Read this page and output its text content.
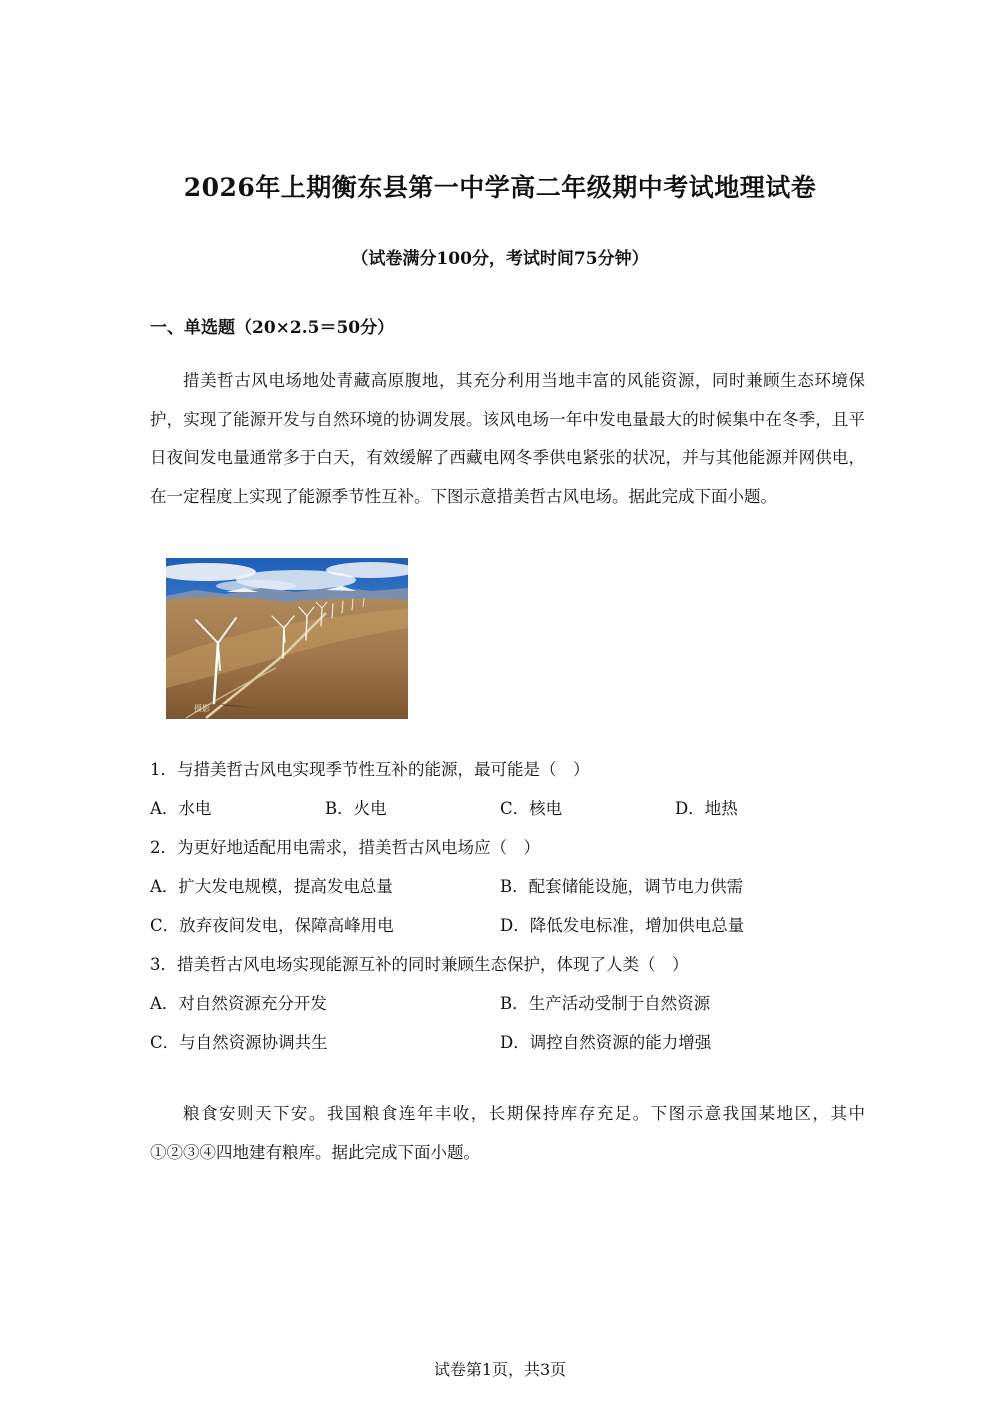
2026年上期衡东县第一中学高二年级期中考试地理试卷
（试卷满分100分，考试时间75分钟）
一、单选题（20×2.5＝50分）
措美哲古风电场地处青藏高原腹地，其充分利用当地丰富的风能资源，同时兼顾生态环境保护，实现了能源开发与自然环境的协调发展。该风电场一年中发电量最大的时候集中在冬季，且平日夜间发电量通常多于白天，有效缓解了西藏电网冬季供电紧张的状况，并与其他能源并网供电，在一定程度上实现了能源季节性互补。下图示意措美哲古风电场。据此完成下面小题。
摄影
1．与措美哲古风电实现季节性互补的能源，最可能是（　）
A．水电	B．火电	C．核电	D．地热
2．为更好地适配用电需求，措美哲古风电场应（　）
A．扩大发电规模，提高发电总量	B．配套储能设施，调节电力供需
C．放弃夜间发电，保障高峰用电	D．降低发电标准，增加供电总量
3．措美哲古风电场实现能源互补的同时兼顾生态保护，体现了人类（　）
A．对自然资源充分开发	B．生产活动受制于自然资源
C．与自然资源协调共生	D．调控自然资源的能力增强
粮食安则天下安。我国粮食连年丰收，长期保持库存充足。下图示意我国某地区，其中①②③④四地建有粮库。据此完成下面小题。
试卷第1页，共3页
